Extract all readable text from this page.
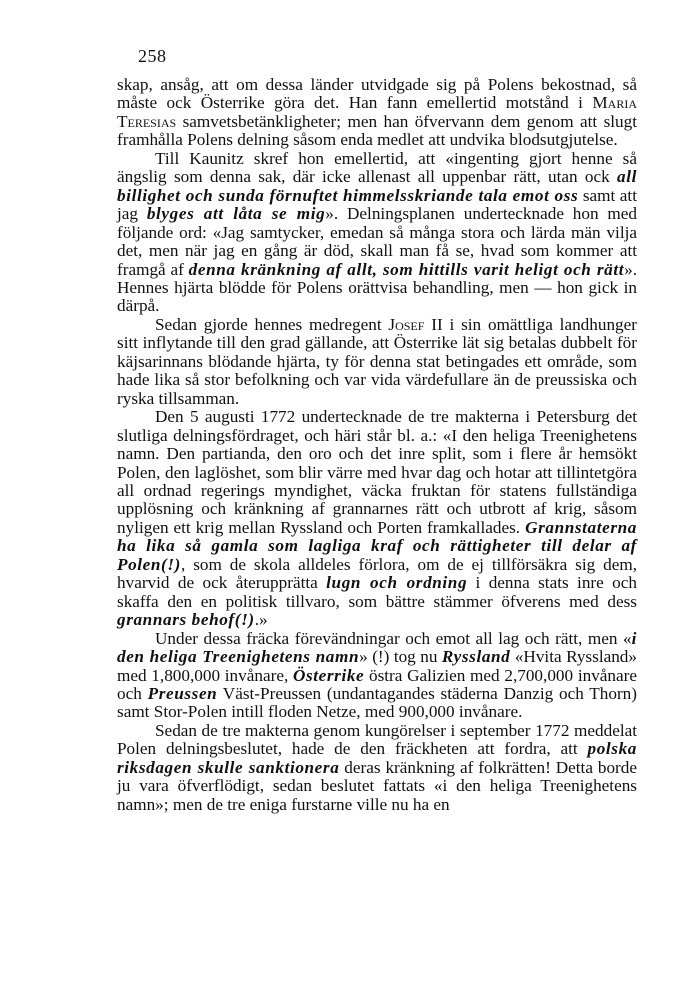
258

skap, ansåg, att om dessa länder utvidgade sig på Polens bekostnad, så måste ock Österrike göra det. Han fann emellertid motstånd i Maria Teresias samvetsbetänkligheter; men han öfvervann dem genom att slugt framhålla Polens delning såsom enda medlet att undvika blodsutgjutelse.

Till Kaunitz skref hon emellertid, att «ingenting gjort henne så ängslig som denna sak, där icke allenast all uppenbar rätt, utan ock all billighet och sunda förnuftet himmelsskriande tala emot oss samt att jag blyges att låta se mig». Delningsplanen undertecknade hon med följande ord: «Jag samtycker, emedan så många stora och lärda män vilja det, men när jag en gång är död, skall man få se, hvad som kommer att framgå af denna kränkning af allt, som hittills varit heligt och rätt». Hennes hjärta blödde för Polens orättvisa behandling, men — hon gick in därpå.

Sedan gjorde hennes medregent Josef II i sin omättliga landhunger sitt inflytande till den grad gällande, att Österrike lät sig betalas dubbelt för käjsarinnans blödande hjärta, ty för denna stat betingades ett område, som hade lika så stor befolkning och var vida värdefullare än de preussiska och ryska tillsamman.

Den 5 augusti 1772 undertecknade de tre makterna i Petersburg det slutliga delningsfördraget, och häri står bl. a.: «I den heliga Treenighetens namn. Den partianda, den oro och det inre split, som i flere år hemsökt Polen, den laglöshet, som blir värre med hvar dag och hotar att tillintetgöra all ordnad regerings myndighet, väcka fruktan för statens fullständiga upplösning och kränkning af grannarnes rätt och utbrott af krig, såsom nyligen ett krig mellan Ryssland och Porten framkallades. Grannstaterna ha lika så gamla som lagliga kraf och rättigheter till delar af Polen(!), som de skola alldeles förlora, om de ej tillförsäkra sig dem, hvarvid de ock återupprätta lugn och ordning i denna stats inre och skaffa den en politisk tillvaro, som bättre stämmer öfverens med dess grannars behof(!).»

Under dessa fräcka förevändningar och emot all lag och rätt, men «i den heliga Treenighetens namn» (!) tog nu Ryssland «Hvita Ryssland» med 1,800,000 invånare, Österrike östra Galizien med 2,700,000 invånare och Preussen Väst-Preussen (undantagandes städerna Danzig och Thorn) samt Stor-Polen intill floden Netze, med 900,000 invånare.

Sedan de tre makterna genom kungörelser i september 1772 meddelat Polen delningsbeslutet, hade de den fräckheten att fordra, att polska riksdagen skulle sanktionera deras kränkning af folkrätten! Detta borde ju vara öfverflödigt, sedan beslutet fattats «i den heliga Treenighetens namn»; men de tre eniga furstarne ville nu ha en
